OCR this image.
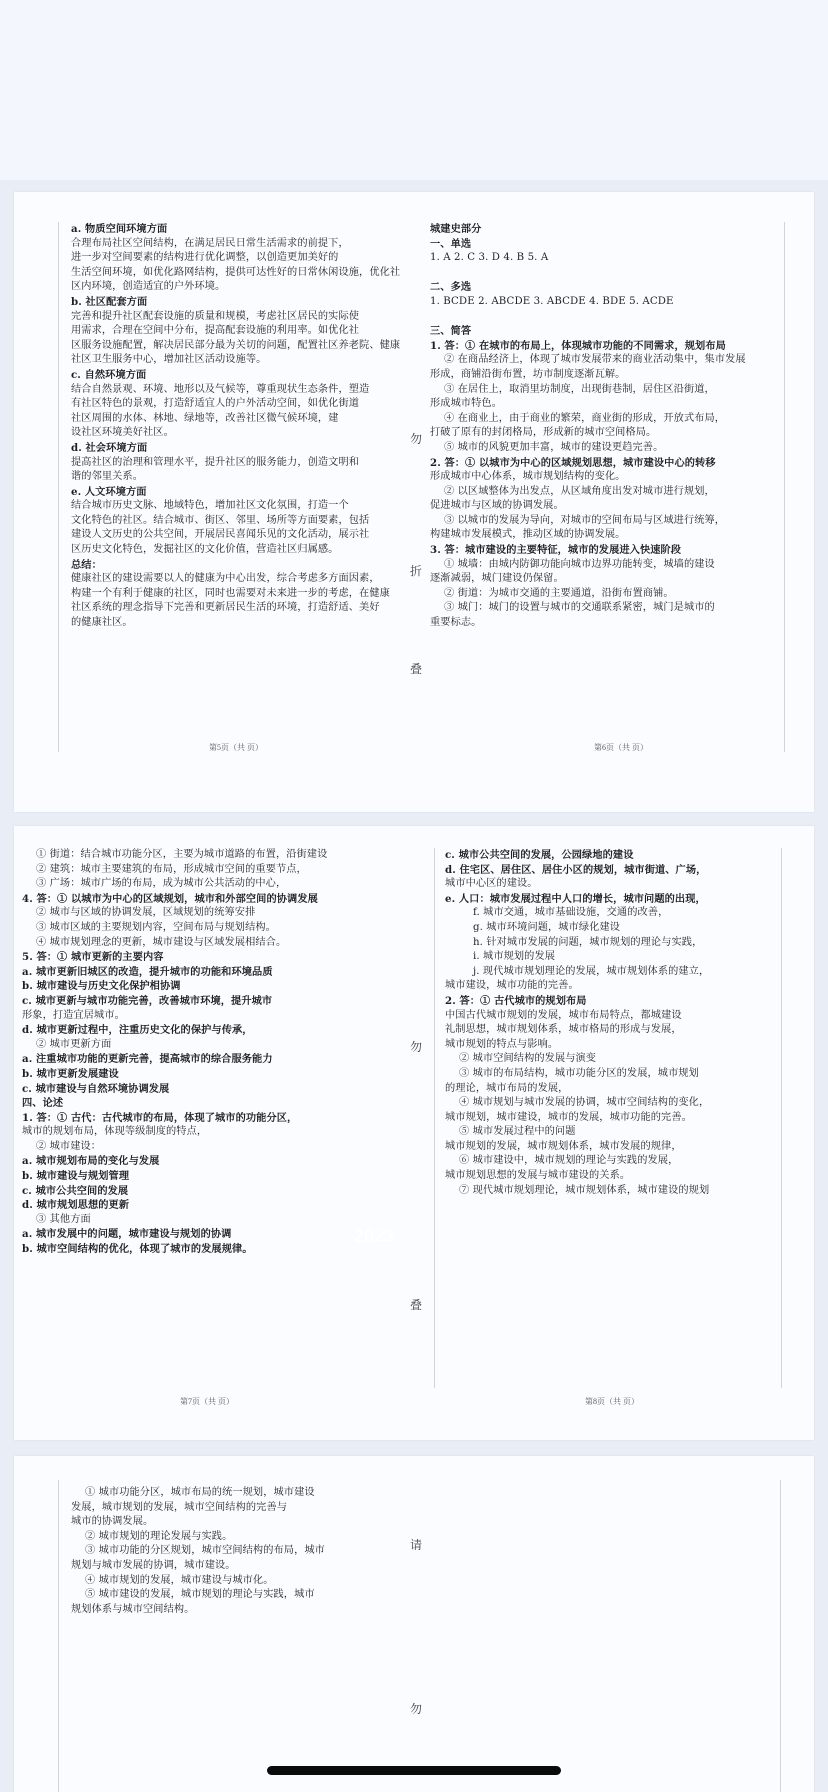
a. 物质空间环境方面

合理布局社区空间结构，在满足居民日常生活需求的前提下，

进一步对空间要素的结构进行优化调整，以创造更加美好的

生活空间环境，如优化路网结构，提供可达性好的日常休闲设施，优化社

区内环境，创造适宜的户外环境。

b. 社区配套方面

完善和提升社区配套设施的质量和规模，考虑社区居民的实际使

用需求，合理在空间中分布，提高配套设施的利用率。如优化社

区服务设施配置，解决居民部分最为关切的问题，配置社区养老院、健康

社区卫生服务中心，增加社区活动设施等。

c. 自然环境方面

结合自然景观、环境、地形以及气候等，尊重现状生态条件，塑造

有社区特色的景观，打造舒适宜人的户外活动空间，如优化街道

社区周围的水体、林地、绿地等，改善社区微气候环境，建

设社区环境美好社区。

d. 社会环境方面

提高社区的治理和管理水平，提升社区的服务能力，创造文明和

谐的邻里关系。

e. 人文环境方面

结合城市历史文脉、地域特色，增加社区文化氛围，打造一个

文化特色的社区。结合城市、街区、邻里、场所等方面要素，包括

建设人文历史的公共空间，开展居民喜闻乐见的文化活动，展示社

区历史文化特色，发掘社区的文化价值，营造社区归属感。

总结：

健康社区的建设需要以人的健康为中心出发，综合考虑多方面因素，

构建一个有利于健康的社区，同时也需要对未来进一步的考虑，在健康

社区系统的理念指导下完善和更新居民生活的环境，打造舒适、美好

的健康社区。

第5页（共 页）

城建史部分

一、单选

1. A 2. C 3. D 4. B 5. A

二、多选

1. BCDE 2. ABCDE 3. ABCDE 4. BDE 5. ACDE

三、简答

1. 答：① 在城市的布局上，体现城市功能的不同需求，规划布局

② 在商品经济上，体现了城市发展带来的商业活动集中，集市发展

形成，商铺沿街布置，坊市制度逐渐瓦解。

③ 在居住上，取消里坊制度，出现街巷制，居住区沿街道，

形成城市特色。

④ 在商业上，由于商业的繁荣，商业街的形成，开放式布局，

打破了原有的封闭格局，形成新的城市空间格局。

⑤ 城市的风貌更加丰富，城市的建设更趋完善。

2. 答：① 以城市为中心的区域规划思想，城市建设中心的转移

形成城市中心体系，城市规划结构的变化。

② 以区域整体为出发点，从区域角度出发对城市进行规划，

促进城市与区域的协调发展。

③ 以城市的发展为导向，对城市的空间布局与区域进行统筹，

构建城市发展模式，推动区域的协调发展。

3. 答：城市建设的主要特征，城市的发展进入快速阶段

① 城墙：由城内防御功能向城市边界功能转变，城墙的建设

逐渐减弱，城门建设仍保留。

② 街道：为城市交通的主要通道，沿街布置商铺。

③ 城门：城门的设置与城市的交通联系紧密，城门是城市的

重要标志。

第6页（共 页）
勿
折
叠

① 街道：结合城市功能分区，主要为城市道路的布置，沿街建设

② 建筑：城市主要建筑的布局，形成城市空间的重要节点，

③ 广场：城市广场的布局，成为城市公共活动的中心，

4. 答：① 以城市为中心的区域规划，城市和外部空间的协调发展

② 城市与区域的协调发展，区域规划的统筹安排

③ 城市区域的主要规划内容，空间布局与规划结构。

④ 城市规划理念的更新，城市建设与区域发展相结合。

5. 答：① 城市更新的主要内容

a. 城市更新旧城区的改造，提升城市的功能和环境品质

b. 城市建设与历史文化保护相协调

c. 城市更新与城市功能完善，改善城市环境，提升城市

形象，打造宜居城市。

d. 城市更新过程中，注重历史文化的保护与传承，

② 城市更新方面

a. 注重城市功能的更新完善，提高城市的综合服务能力

b. 城市更新发展建设

c. 城市建设与自然环境协调发展

四、论述

1. 答：① 古代：古代城市的布局，体现了城市的功能分区，

城市的规划布局，体现等级制度的特点，

② 城市建设：

a. 城市规划布局的变化与发展

b. 城市建设与规划管理

c. 城市公共空间的发展

d. 城市规划思想的更新

③ 其他方面

a. 城市发展中的问题，城市建设与规划的协调

b. 城市空间结构的优化，体现了城市的发展规律。

第7页（共 页）

c. 城市公共空间的发展，公园绿地的建设

d. 住宅区、居住区、居住小区的规划，城市街道、广场，

城市中心区的建设。

e. 人口：城市发展过程中人口的增长，城市问题的出现，

f. 城市交通，城市基础设施，交通的改善，

g. 城市环境问题，城市绿化建设

h. 针对城市发展的问题，城市规划的理论与实践，

i. 城市规划的发展

j. 现代城市规划理论的发展，城市规划体系的建立，

城市建设，城市功能的完善。

2. 答：① 古代城市的规划布局

中国古代城市规划的发展，城市布局特点，都城建设

礼制思想，城市规划体系，城市格局的形成与发展，

城市规划的特点与影响。

② 城市空间结构的发展与演变

③ 城市的布局结构，城市功能分区的发展，城市规划

的理论，城市布局的发展，

④ 城市规划与城市发展的协调，城市空间结构的变化，

城市规划，城市建设，城市的发展，城市功能的完善。

⑤ 城市发展过程中的问题

城市规划的发展，城市规划体系，城市发展的规律，

⑥ 城市建设中，城市规划的理论与实践的发展，

城市规划思想的发展与城市建设的关系。

⑦ 现代城市规划理论，城市规划体系，城市建设的规划

第8页（共 页）
勿
叠
2023

① 城市功能分区，城市布局的统一规划，城市建设

发展，城市规划的发展，城市空间结构的完善与

城市的协调发展。

② 城市规划的理论发展与实践。

③ 城市功能的分区规划，城市空间结构的布局，城市

规划与城市发展的协调，城市建设。

④ 城市规划的发展，城市建设与城市化。

⑤ 城市建设的发展，城市规划的理论与实践，城市

规划体系与城市空间结构。

请
勿
